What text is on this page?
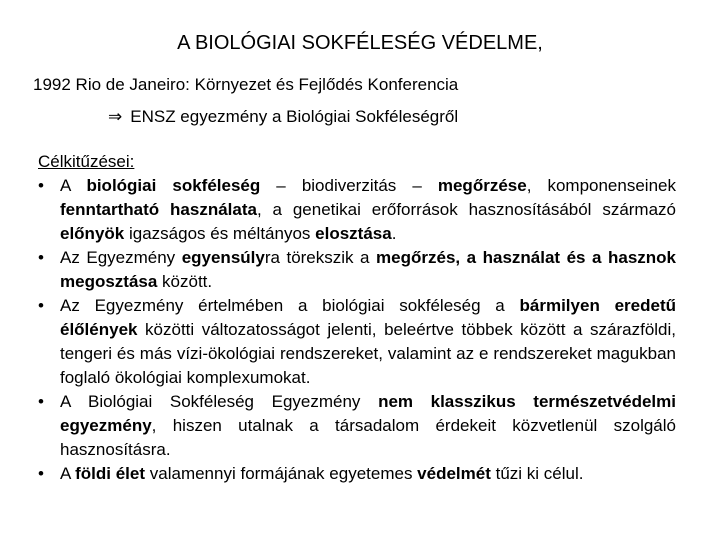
A BIOLÓGIAI SOKFÉLESÉG VÉDELME,
1992 Rio de Janeiro: Környezet és Fejlődés Konferencia
⇒ ENSZ egyezmény a Biológiai Sokféleségről
Célkitűzései:
• A biológiai sokféleség – biodiverzitás – megőrzése, komponenseinek fenntartható használata, a genetikai erőforrások hasznosításából származó előnyök igazságos és méltányos elosztása.
• Az Egyezmény egyensúlyra törekszik a megőrzés, a használat és a hasznok megosztása között.
• Az Egyezmény értelmében a biológiai sokféleség a bármilyen eredetű élőlények közötti változatosságot jelenti, beleértve többek között a szárazföldi, tengeri és más vízi-ökológiai rendszereket, valamint az e rendszereket magukban foglaló ökológiai komplexumokat.
• A Biológiai Sokféleség Egyezmény nem klasszikus természetvédelmi egyezmény, hiszen utalnak a társadalom érdekeit közvetlenül szolgáló hasznosításra.
• A földi élet valamennyi formájának egyetemes védelmét tűzi ki célul.
